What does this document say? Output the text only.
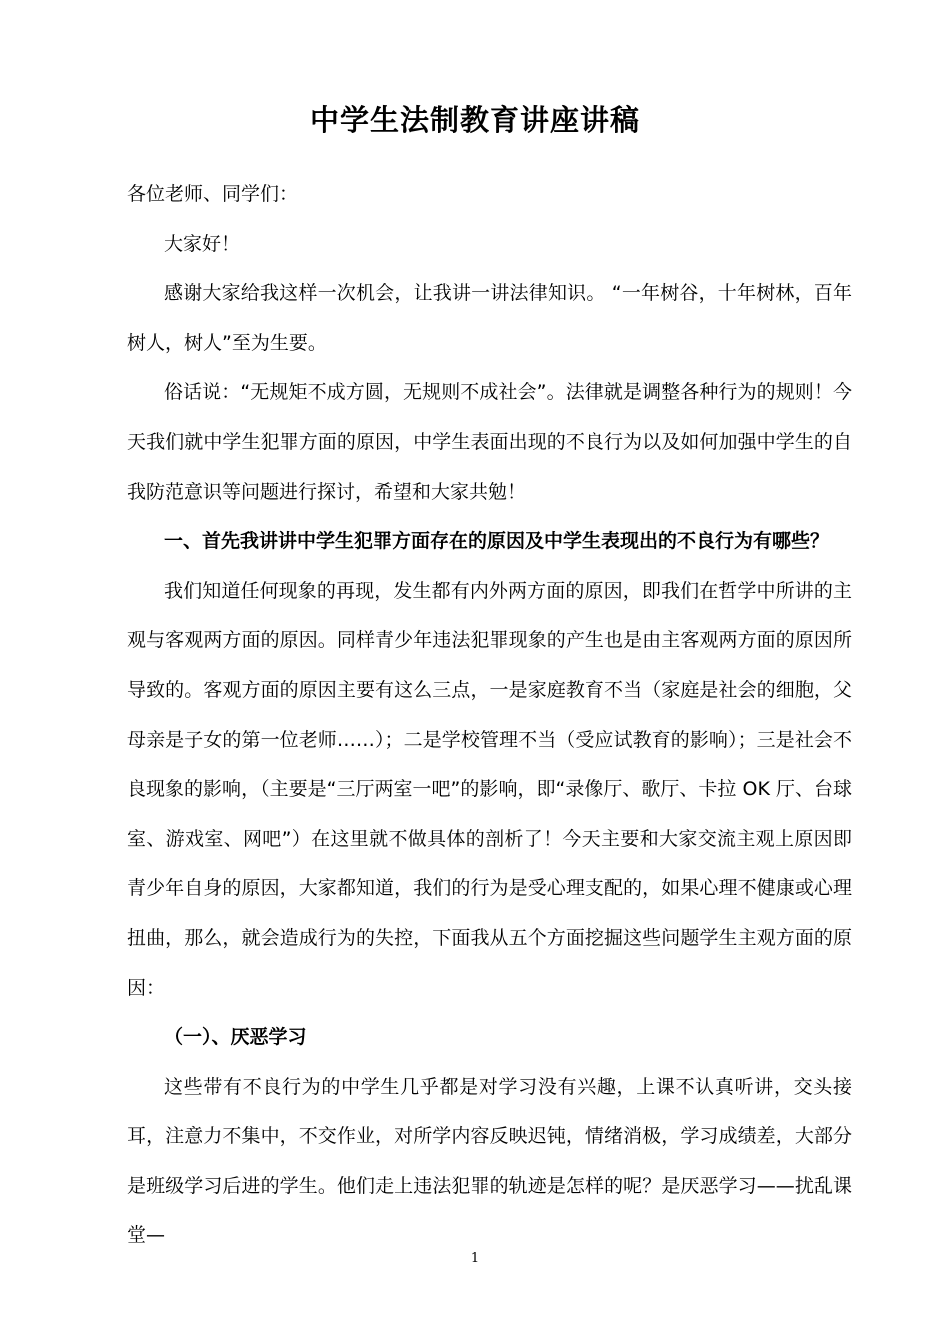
中学生法制教育讲座讲稿

各位老师、同学们：

大家好！

感谢大家给我这样一次机会，让我讲一讲法律知识。 “一年树谷，十年树林，百年树人，树人”至为生要。

俗话说：“无规矩不成方圆，无规则不成社会”。法律就是调整各种行为的规则！今天我们就中学生犯罪方面的原因，中学生表面出现的不良行为以及如何加强中学生的自我防范意识等问题进行探讨，希望和大家共勉！

一、首先我讲讲中学生犯罪方面存在的原因及中学生表现出的不良行为有哪些？

我们知道任何现象的再现，发生都有内外两方面的原因，即我们在哲学中所讲的主观与客观两方面的原因。同样青少年违法犯罪现象的产生也是由主客观两方面的原因所导致的。客观方面的原因主要有这么三点，一是家庭教育不当（家庭是社会的细胞，父母亲是子女的第一位老师……）；二是学校管理不当（受应试教育的影响）；三是社会不良现象的影响，（主要是“三厅两室一吧”的影响，即“录像厅、歌厅、卡拉 OK 厅、台球室、游戏室、网吧”）在这里就不做具体的剖析了！今天主要和大家交流主观上原因即青少年自身的原因，大家都知道，我们的行为是受心理支配的，如果心理不健康或心理扭曲，那么，就会造成行为的失控，下面我从五个方面挖掘这些问题学生主观方面的原因：

（一）、厌恶学习

这些带有不良行为的中学生几乎都是对学习没有兴趣，上课不认真听讲，交头接耳，注意力不集中，不交作业，对所学内容反映迟钝，情绪消极，学习成绩差，大部分是班级学习后进的学生。他们走上违法犯罪的轨迹是怎样的呢？是厌恶学习——扰乱课堂—

1
